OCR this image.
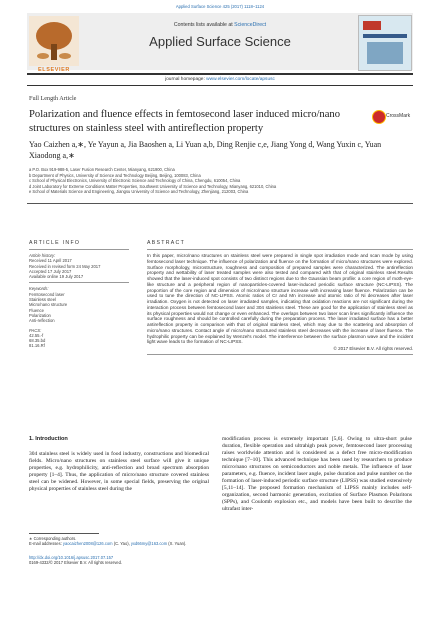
Applied Surface Science 425 (2017) 1118–1124
ELSEVIER
Contents lists available at ScienceDirect
Applied Surface Science
journal homepage: www.elsevier.com/locate/apsusc
Full Length Article
Polarization and fluence effects in femtosecond laser induced micro/nano structures on stainless steel with antireflection property
CrossMark
Yao Caizhen a,∗, Ye Yayun a, Jia Baoshen a, Li Yuan a,b, Ding Renjie c,e, Jiang Yong d, Wang Yuxin c, Yuan Xiaodong a,∗
a P.O. Box 919-988-5, Laser Fusion Research Center, Mianyang, 621900, China
b Department of Physics, University of Science and Technology Beijing, Beijing, 100083, China
c School of Physical Electronics, University of Electronic Science and Technology of China, Chengdu, 610054, China
d Joint Laboratory for Extreme Conditions Matter Properties, Southwest University of Science and Technology, Mianyang, 621010, China
e School of Materials Science and Engineering, Jiangsu University of Science and Technology, Zhenjiang, 212003, China
ARTICLE INFO
Article history:
Received 11 April 2017
Received in revised form 24 May 2017
Accepted 17 July 2017
Available online 19 July 2017
Keywords:
Femtosecond laser
Stainless steel
Micro/nano structure
Fluence
Polarization
Anti-reflection
PACS:
42.55.-f
68.35.bd
81.16.Rf
ABSTRACT
In this paper, micro/nano structures on stainless steel were prepared in single spot irradiation mode and scan mode by using femtosecond laser technique. The influence of polarization and fluence on the formation of micro/nano structures were explored. Surface morphology, microstructure, roughness and composition of prepared samples were characterized. The antireflection property and wettability of laser treated samples were also tested and compared with that of original stainless steel.Results showed that the laser-induced spot consists of two distinct regions due to the Gaussian beam profile: a core region of moth-eye-like structure and a peripheral region of nanoparticles-covered laser-induced periodic surface structure (NC-LIPSS). The proportion of the core region and dimension of micro/nano structure increase with increasing laser fluence. Polarization can be used to tune the direction of NC-LIPSS. Atomic ratios of Cr and Mn increase and atomic ratio of Ni decreases after laser irradiation. Oxygen is not detected on laser irradiated samples, indicating that oxidation reactions are not significant during the interaction process between femtosecond laser and 304 stainless steel. These are good for the application of stainless steel as its physical properties would not change or even enhanced. The overlaps between two laser scan lines significantly influence the surface roughness and should be controlled carefully during the preparation process. The laser irradiated surface has a better antireflection property in comparison with that of original stainless steel, which may due to the scattering and absorption of micro/nano structures. Contact angle of micro/nano structured stainless steel decreases with the increase of laser fluence. The hydrophilic property can be explained by Wenzel's model. The interference between the surface plasmon wave and the incident light wave leads to the formation of NC-LIPSS.
© 2017 Elsevier B.V. All rights reserved.
1. Introduction
304 stainless steel is widely used in food industry, constructions and biomedical fields. Micro/nano structures on stainless steel surface will give it unique properties, e.g. hydrophilicity, anti-reflection and broad spectrum absorption property [1–4]. Thus, the application of micro/nano structure covered stainless steel can be widened. However, in some special fields, preserving the original physical properties of stainless steel during the
modification process is extremely important [5,6]. Owing to ultra-short pulse duration, flexible operation and ultrahigh peak power, femtosecond laser processing raises worldwide attention and is considered as a defect free micro-modification technique [7–10]. This advanced technique has been used by researchers to produce micro/nano structures on semiconductors and noble metals. The influence of laser parameters, e.g. fluence, incident laser angle, pulse duration and pulse number on the formation of laser-induced periodic surface structure (LIPSS) was studied extensively [5,11–14]. The proposed formation mechanism of LIPSS mainly includes self-organization, second harmonic generation, excitation of Surface Plasmon Polaritons (SPPs), and Coulomb explosion etc., and models have been built to describe the ultrafast inter-
∗ Corresponding authors.
E-mail addresses: yaocaizhen2008@126.com (C. Yao), yxd66my@163.com (X. Yuan).
http://dx.doi.org/10.1016/j.apsusc.2017.07.157
0169-4332/© 2017 Elsevier B.V. All rights reserved.
